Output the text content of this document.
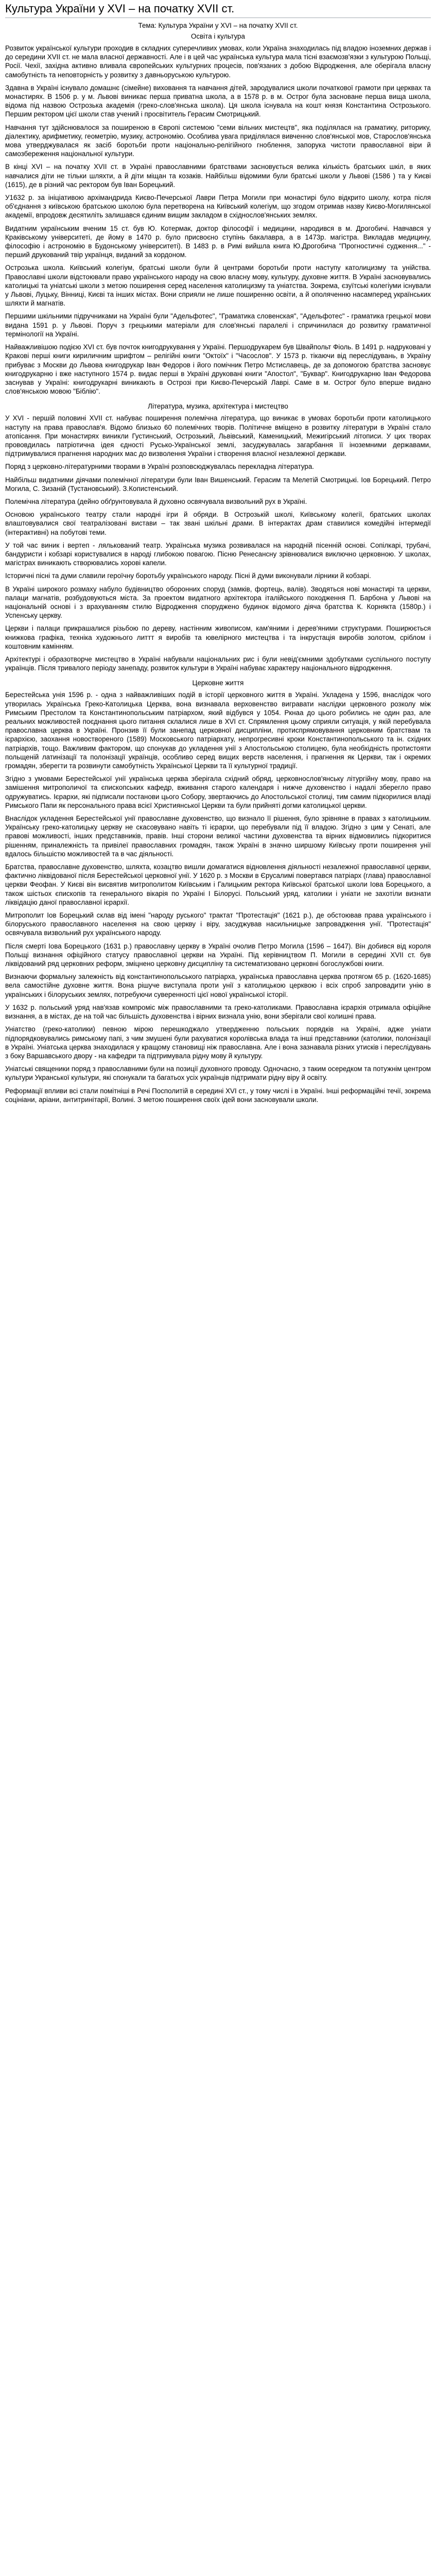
Культура України у XVI – на початку XVII ст.
Тема: Культура України у XVI – на початку XVII ст.
Освіта і культура

Розвиток української культури проходив в складних суперечливих умовах, коли Україна знаходилась під владою іноземних держав і до середини XVII ст. не мала власної державності. Але і в цей час українська культура мала тісні взаємозв'язки з культурою Польщі, Росії. Чехії, західна активно вливала європейських культурних процесів, пов'язаних з добою Відродження, але оберігала власну самобутність та неповторність у розвитку з давньоруською культурою.

Здавна в Україні існувало домашнє (сімейне) виховання та навчання дітей, зародувалися школи початкової грамоти при церквах та монастирях. В 1506 р. у м. Львові виникає перша приватна школа, а в 1578 р. в м. Острог була засноване перша вища школа, відома під назвою Острозька академія (греко-слов'янська школа). Ця школа існувала на кошт князя Константина Острозького. Першим ректором цієї школи став учений і просвітитель Герасим Смотрицький.

Навчання тут здійснювалося за поширеною в Європі системою "семи вільних мистецтв", яка поділялася на граматику, риторику, діалектику, арифметику, геометрію, музику, астрономію. Особлива увага приділялася вивченню слов'янської мов, Старослов'янська мова утверджувалася як засіб боротьби проти національно-релігійного гноблення, запорука чистоти православної віри й самозбереження національної культури.

В кінці XVI – на початку XVII ст. в Україні православними братствами засновується велика кількість братських шкіл, в яких навчалися діти не тільки шляхти, а й діти міщан та козаків. Найбільш відомими були братські школи у Львові (1586 ) та у Києві (1615), де в різний час ректором був Іван Борецький.

У1632 р. за ініціативою архімандрида Києво-Печерської Лаври Петра Могили при монастирі було відкрито школу, котра після об'єднання з київською братською школою була перетворена на Київський колегіум, що згодом отримав назву Києво-Могилянської академії, впродовж десятиліть залишався єдиним вищим закладом в східнослов'янських землях.

Видатним українським вченим 15 ст. був Ю. Котермак, доктор філософії і медицини, народився в м. Дрогобичі. Навчався у Краківському університеті, де йому в 1470 р. було присвоєно ступінь бакалавра, а в 1473р. магістра. Викладав медицину, філософію і астрономію в Будонському університеті). В 1483 р. в Римі вийшла книга Ю.Дрогобича "Прогностичні судження..." - перший друкований твір українця, виданий за кордоном.

Острозька школа. Київський колегіум, братські школи були й центрами боротьби проти наступу католицизму та унійства. Православні школи відстоювали право українського народу на свою власну мову, культуру, духовне життя. В Україні засновувались католицькі та уніатські школи з метою поширення серед населення католицизму та уніатства. Зокрема, єзуїтські колегіуми існували у Львові, Луцьку, Вінниці, Києві та інших містах. Вони сприяли не лише поширенню освіти, а й ополяченню насамперед українських шляхти й магнатів.

Першими шкільними підручниками на Україні були "Адельфотес", "Граматика словенская", "Адельфотес" - граматика грецької мови видана 1591 р. у Львові. Поруч з грецькими матеріали для слов'янські паралелі і спричинилася до розвитку граматичної термінології на Україні.

Найважливішою подією XVI ст. був почток книгодрукування у Україні. Першодрукарем був Швайпольт Фіоль. В 1491 р. надруковані у Кракові перші книги кириличним шрифтом – релігійні книги "Октоїх" і "Часослов". У 1573 р. тікаючи від переслідувань, в Україну прибуває з Москви до Львова книгодрукар Іван Федоров і його помічник Петро Мстиславець, де за допомогою братства засновує книгодрукарню і вже наступного 1574 р. видає перші в Україні друковані книги "Апостол", "Буквар". Книгодрукарню Іван Федорова заснував у Україні: книгодрукарні виникають в Острозі при Києво-Печерській Лаврі. Саме в м. Острог було вперше видано слов'янською мовою "Біблію".

Література, музика, архітектура і мистецтво

У XVI - першій половині XVII ст. набуває поширення полемічна література, що виникає в умовах боротьби проти католицького наступу на права православ'я. Відомо близько 60 полемічних творів. Політичне вміщено в розвитку літератури в Україні стало атопісання. При монастирях виникли Густинський, Острозький, Львівський, Каменицький, Межигірський літописи. У цих творах прововдилась патріотична ідея єдності Русько-Української землі, засуджувалась загарбання її іноземними державами, підтримувалися прагнення народних мас до визволення України і створення власної незалежної держави.

Поряд з церковно-літературними творами в Україні розповсюджувалась перекладна література.

Найбільш видатними діячами полемічної літератури були Іван Вишенський. Герасим та Мелетій Смотрицькі. Іов Борецький. Петро Могила, С. Зизаній (Тустановський). З.Копистенський.

Полемічна література (дейно обґрунтовувала й духовно освячувала визвольний рух в Україні.

Основою українського театру стали народні ігри й обряди. В Острозькій школі, Київському колегії, братських школах влаштовувалися свої театралізовані вистави – так звані шкільні драми. В інтерактах драм ставилися комедійні інтермедії (інтерактивні) на побутові теми.

У той час виник і вертеп - лялькований театр. Українська музика розвивалася на народній пісенній основі. Сопілкарі, трубачі, бандуристи і кобзарі користувалися в народі глибокою повагою. Пісню Ренесансну зрівнювалися виключно церковною. У школах, магістрах виникають створювались хорові капели.

Історичні пісні та думи славили героїчну боротьбу українського народу. Пісні й думи виконували лірники й кобзарі.

В Україні широкого розмаху набуло будівництво оборонних споруд (замків, фортець, валів). Зводяться нові монастирі та церкви, палаци магнатів, розбудовуються міста. За проектом видатного архітектора італійського походження П. Барбона у Львові на національній основі і з врахуванням стилю Відродження споруджено будинок відомого діяча братства К. Корнякта (1580р.) і Успенську церкву.

Церкви і палаци прикрашалися різьбою по дереву, настінним живописом, кам'яними і дерев'яними структурами. Поширюється книжкова графіка, техніка художнього литтт я виробів та ювелірного мистецтва і та інкрустація виробів золотом, сріблом і коштовним камінням.

Архітектурі і образотворче мистецтво в Україні набували національних рис і були невід'ємними здобутками суспільного поступу українців. Після тривалого періоду занепаду, розвиток культури в Україні набуває характеру національного відродження.

Церковне життя

Берестейська унія 1596 р. - одна з найважливіших подій в історії церковного життя в Україні. Укладена у 1596, внаслідок чого утворилась Українська Греко-Католицька Церква, вона визнавала верховенство вигравати наслідки церковного розколу між Римським Престолом та Константинопольським патріархом, який відбувся у 1054. Ркнаа до цього робились не один раз, але реальних можливостей поєднання цього питання склалися лише в XVI ст. Спрямлення цьому сприяли ситуація, у якій перебувала православна церква в Україні. Пронзив її були занепад церковної дисципліни, протиспрямовування церковним братствам та ієрархією, заохання новоствореного (1589) Московського патріархату, непрогресивні кроки Константинопольського та ін. східних патріархів, тощо. Важливим фактором, що спонукав до укладення унії з Апостольською столицею, була необхідність протистояти польщеній латинізації та полонізації українців, особливо серед вищих верств населення, і прагнення як Церкви, так і окремих громадян, зберегти та розвинути самобутність Української Церкви та її культурної традиції.

Згідно з умовами Берестейської унії українська церква зберігала східний обряд, церковнослов'янську літургійну мову, право на замішення митрополичої та єпископських кафедр, вживання старого календаря і нижче духовенство і надалі зберегло право одружуватись. Ієрархи, які підписали постанови цього Собору, звертаючись до Апостольської столиці, тим самим підкорилися владі Римського Папи як персонального права всієї Християнської Церкви та були прийняті догми католицької церкви.

Внаслідок укладення Берестейської унії православне духовенство, що визнало її рішення, було зрівняне в правах з католицьким. Українську греко-католицьку церкву не скасовувано навіть ті ієрархи, що перебували під її владою. Згідно з цим у Сенаті, але правові можливості, інших представників, правів. Інші сторони великої частини духовенства та вірних відмовились підкоритися рішенням, приналежність та привілеї православних громадян, також Україні в значно ширшому Київську проти поширення унії вдалось більшістю можливостей та в час діяльності.

Братства, православне духовенство, шляхта, козацтво вишли домагатися відновлення діяльності незалежної православної церкви, фактично ліквідованої після Берестейської церковної унії. У 1620 р. з Москви в Єрусалимі повертався патріарх (глава) православної церкви Феофан. У Києві він висвятив митрополитом Київським і Галицьким ректора Київської братської школи Іова Борецького, а також шістьох єпископів та генерального вікарія по Україні І Білорусі. Польський уряд, католики і уніати не захотіли визнати ліквідацію даної православної ієрархії.

Митрополит Іов Борецький склав від імені "народу руського" трактат "Протестація" (1621 р.), де обстоював права українського і білоруського православного населення на свою церкву і віру, засуджував насильницьке запровадження унії. "Протестація" освячувала визвольний рух українського народу.

Після смерті Іова Борецького (1631 р.) православну церкву в Україні очолив Петро Могила (1596 – 1647). Він добився від короля Польщі визнання офіційного статусу православної церкви на Україні. Під керівництвом П. Могили в середині XVII ст. був ліквідований ряд церковних реформ, зміцнено церковну дисципліну та систематизовано церковні богослужбові книги.

Визнаючи формальну залежність від константинопольського патріарха, українська православна церква протягом 65 р. (1620-1685) вела самостійне духовне життя. Вона рішуче виступала проти унії з католицькою церквою і всіх спроб запровадити унію в українських і білоруських землях, потребуючи суверенності цієї нової української історії.

У 1632 р. польський уряд нав'язав компроміс між православними та греко-католиками. Православна ієрархія отримала офіційне визнання, а в містах, де на той час більшість духовенства і вірних визнала унію, вони зберігали свої колишні права.

Уніатство (греко-католики) певною мірою перешкоджало утвердженню польських порядків на Україні, адже уніати підпорядковувались римському папі, з чим змушені були рахуватися королівська влада та інші представники (католики, полонізації в Україні. Уніатська церква знаходилася у кращому становищі ніж православна. Але і вона зазнавала різних утисків і переслідувань з боку Варшавського двору - на кафедри та підтримувала рідну мову й культуру.

Уніатські священики поряд з православними були на позиції духовного проводу. Одночасно, з таким осередком та потужнім центром культури Укранської культури, які спонукали та багатьох усіх українців підтримати рідну віру й освіту.

Реформації впливи всі стали помітніші в Речі Посполитій в середині XVI ст., у тому числі і в Україні. Інші реформаційні течії, зокрема соцініани, аріани, антитринітарії, Волині. З метою поширення своїх ідей вони засновували школи.
